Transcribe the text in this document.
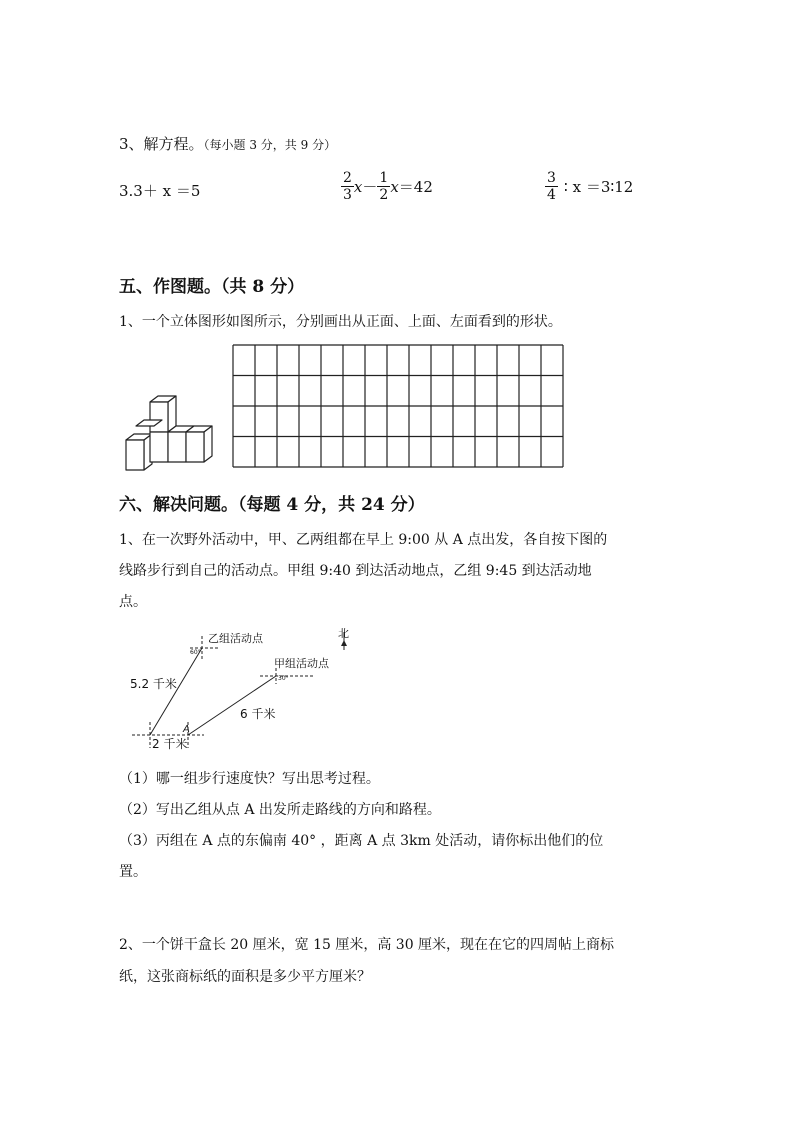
3、解方程。（每小题 3 分，共 9 分）
3.3＋ x ＝5	$\frac{2}{3}$ $x - \frac{1}{2}$ x ＝42	$\frac{3}{4}$ ∶ x ＝3∶12
五、作图题。（共 8 分）
1、一个立体图形如图所示，分别画出从正面、上面、左面看到的形状。
六、解决问题。（每题 4 分，共 24 分）
1、在一次野外活动中，甲、乙两组都在早上 9:00 从 A 点出发，各自按下图的
线路步行到自己的活动点。甲组 9:40 到达活动地点，乙组 9:45 到达活动地
点。
北
乙组活动点
60°
甲组活动点
30°
5.2 千米
6 千米
2 千米
A
（1）哪一组步行速度快？写出思考过程。
（2）写出乙组从点 A 出发所走路线的方向和路程。
（3）丙组在 A 点的东偏南 40° ，距离 A 点 3km 处活动，请你标出他们的位
置。
2、一个饼干盒长 20 厘米，宽 15 厘米，高 30 厘米，现在在它的四周帖上商标
纸，这张商标纸的面积是多少平方厘米？
